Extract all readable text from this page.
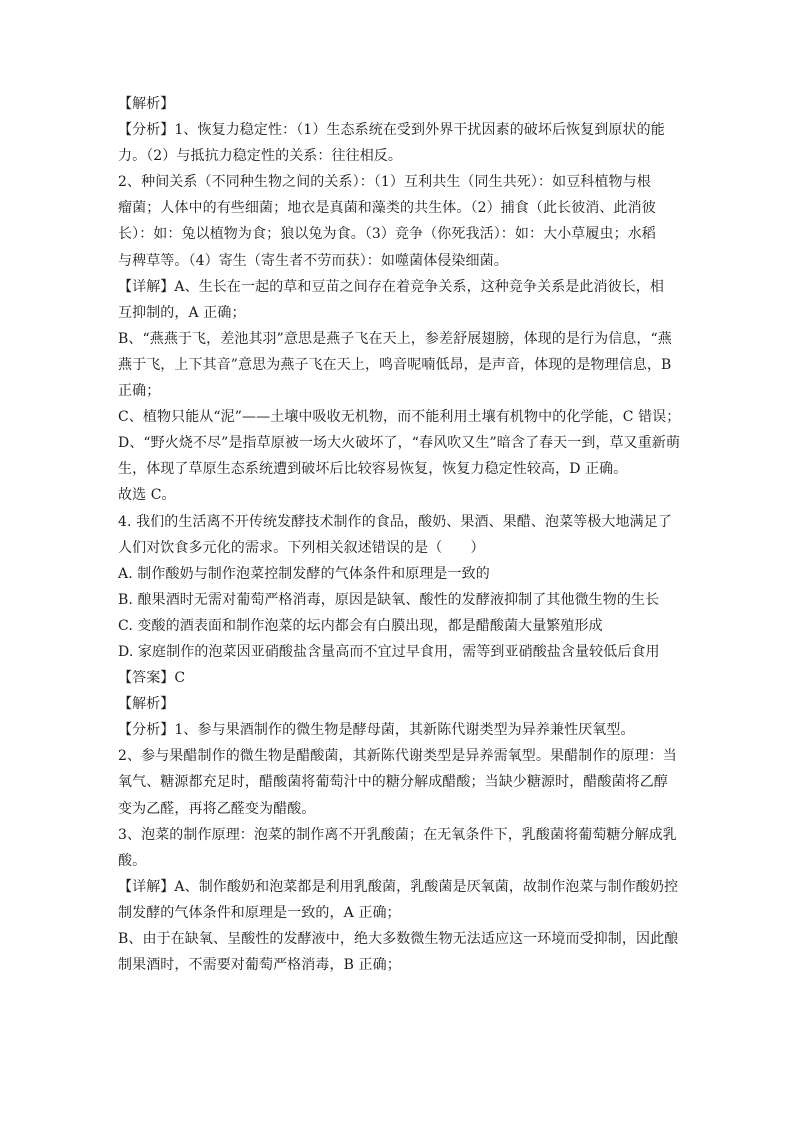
【解析】
【分析】1、恢复力稳定性：（1）生态系统在受到外界干扰因素的破坏后恢复到原状的能
力。（2）与抵抗力稳定性的关系：往往相反。
2、种间关系（不同种生物之间的关系）：（1）互利共生（同生共死）：如豆科植物与根
瘤菌；人体中的有些细菌；地衣是真菌和藻类的共生体。（2）捕食（此长彼消、此消彼
长）：如：兔以植物为食；狼以兔为食。（3）竞争（你死我活）：如：大小草履虫；水稻
与稗草等。（4）寄生（寄生者不劳而获）：如噬菌体侵染细菌。
【详解】A、生长在一起的草和豆苗之间存在着竞争关系，这种竞争关系是此消彼长，相
互抑制的，A 正确；
B、“燕燕于飞，差池其羽”意思是燕子飞在天上，参差舒展翅膀，体现的是行为信息，“燕
燕于飞，上下其音”意思为燕子飞在天上，鸣音呢喃低昂，是声音，体现的是物理信息，B
正确；
C、植物只能从“泥”——土壤中吸收无机物，而不能利用土壤有机物中的化学能，C 错误；
D、“野火烧不尽”是指草原被一场大火破坏了，“春风吹又生”暗含了春天一到，草又重新萌
生，体现了草原生态系统遭到破坏后比较容易恢复，恢复力稳定性较高，D 正确。
故选 C。
4. 我们的生活离不开传统发酵技术制作的食品，酸奶、果酒、果醋、泡菜等极大地满足了
人们对饮食多元化的需求。下列相关叙述错误的是（　　）
A. 制作酸奶与制作泡菜控制发酵的气体条件和原理是一致的
B. 酿果酒时无需对葡萄严格消毒，原因是缺氧、酸性的发酵液抑制了其他微生物的生长
C. 变酸的酒表面和制作泡菜的坛内都会有白膜出现，都是醋酸菌大量繁殖形成
D. 家庭制作的泡菜因亚硝酸盐含量高而不宜过早食用，需等到亚硝酸盐含量较低后食用
【答案】C
【解析】
【分析】1、参与果酒制作的微生物是酵母菌，其新陈代谢类型为异养兼性厌氧型。
2、参与果醋制作的微生物是醋酸菌，其新陈代谢类型是异养需氧型。果醋制作的原理：当
氧气、糖源都充足时，醋酸菌将葡萄汁中的糖分解成醋酸；当缺少糖源时，醋酸菌将乙醇
变为乙醛，再将乙醛变为醋酸。
3、泡菜的制作原理：泡菜的制作离不开乳酸菌；在无氧条件下，乳酸菌将葡萄糖分解成乳
酸。
【详解】A、制作酸奶和泡菜都是利用乳酸菌，乳酸菌是厌氧菌，故制作泡菜与制作酸奶控
制发酵的气体条件和原理是一致的，A 正确；
B、由于在缺氧、呈酸性的发酵液中，绝大多数微生物无法适应这一环境而受抑制，因此酿
制果酒时，不需要对葡萄严格消毒，B 正确；
